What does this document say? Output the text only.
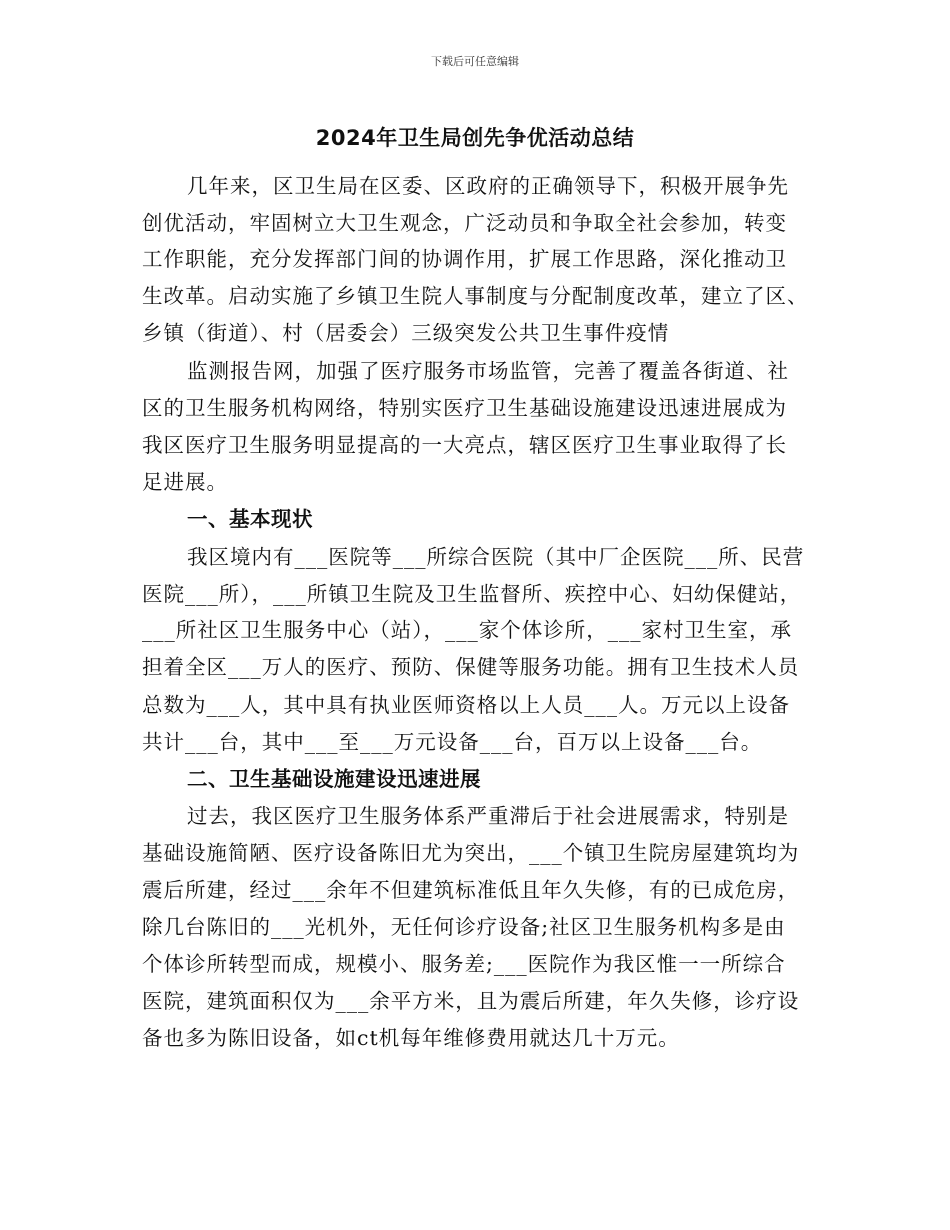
下载后可任意编辑
2024年卫生局创先争优活动总结
几年来，区卫生局在区委、区政府的正确领导下，积极开展争先
创优活动，牢固树立大卫生观念，广泛动员和争取全社会参加，转变
工作职能，充分发挥部门间的协调作用，扩展工作思路，深化推动卫
生改革。启动实施了乡镇卫生院人事制度与分配制度改革，建立了区、
乡镇（街道）、村（居委会）三级突发公共卫生事件疫情
监测报告网，加强了医疗服务市场监管，完善了覆盖各街道、社
区的卫生服务机构网络，特别实医疗卫生基础设施建设迅速进展成为
我区医疗卫生服务明显提高的一大亮点，辖区医疗卫生事业取得了长
足进展。
一、基本现状
我区境内有___医院等___所综合医院（其中厂企医院___所、民营
医院___所），___所镇卫生院及卫生监督所、疾控中心、妇幼保健站，
___所社区卫生服务中心（站），___家个体诊所，___家村卫生室，承
担着全区___万人的医疗、预防、保健等服务功能。拥有卫生技术人员
总数为___人，其中具有执业医师资格以上人员___人。万元以上设备
共计___台，其中___至___万元设备___台，百万以上设备___台。
二、卫生基础设施建设迅速进展
过去，我区医疗卫生服务体系严重滞后于社会进展需求，特别是
基础设施简陋、医疗设备陈旧尤为突出，___个镇卫生院房屋建筑均为
震后所建，经过___余年不但建筑标准低且年久失修，有的已成危房，
除几台陈旧的___光机外，无任何诊疗设备;社区卫生服务机构多是由
个体诊所转型而成，规模小、服务差;___医院作为我区惟一一所综合
医院，建筑面积仅为___余平方米，且为震后所建，年久失修，诊疗设
备也多为陈旧设备，如ct机每年维修费用就达几十万元。
